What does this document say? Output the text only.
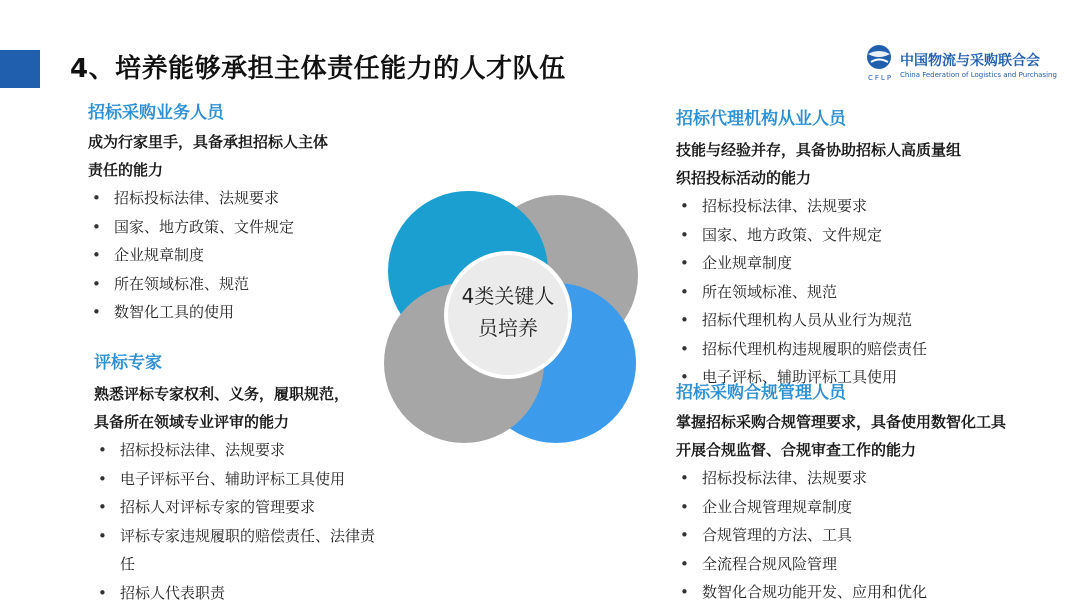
4、培养能够承担主体责任能力的人才队伍	中国物流与采购联合会
China Federation of Logistics and Purchasing
CFLP
招标采购业务人员
成为行家里手，具备承担招标人主体
责任的能力
• 招标投标法律、法规要求
• 国家、地方政策、文件规定
• 企业规章制度
• 所在领域标准、规范
• 数智化工具的使用
评标专家
熟悉评标专家权利、义务，履职规范，
具备所在领域专业评审的能力
• 招标投标法律、法规要求
• 电子评标平台、辅助评标工具使用
• 招标人对评标专家的管理要求
• 评标专家违规履职的赔偿责任、法律责任
• 招标人代表职责
招标代理机构从业人员
技能与经验并存，具备协助招标人高质量组
织招投标活动的能力
• 招标投标法律、法规要求
• 国家、地方政策、文件规定
• 企业规章制度
• 所在领域标准、规范
• 招标代理机构人员从业行为规范
• 招标代理机构违规履职的赔偿责任
• 电子评标、辅助评标工具使用
招标采购合规管理人员
掌握招标采购合规管理要求，具备使用数智化工具
开展合规监督、合规审查工作的能力
• 招标投标法律、法规要求
• 企业合规管理规章制度
• 合规管理的方法、工具
• 全流程合规风险管理
• 数智化合规功能开发、应用和优化
4类关键人员培养
